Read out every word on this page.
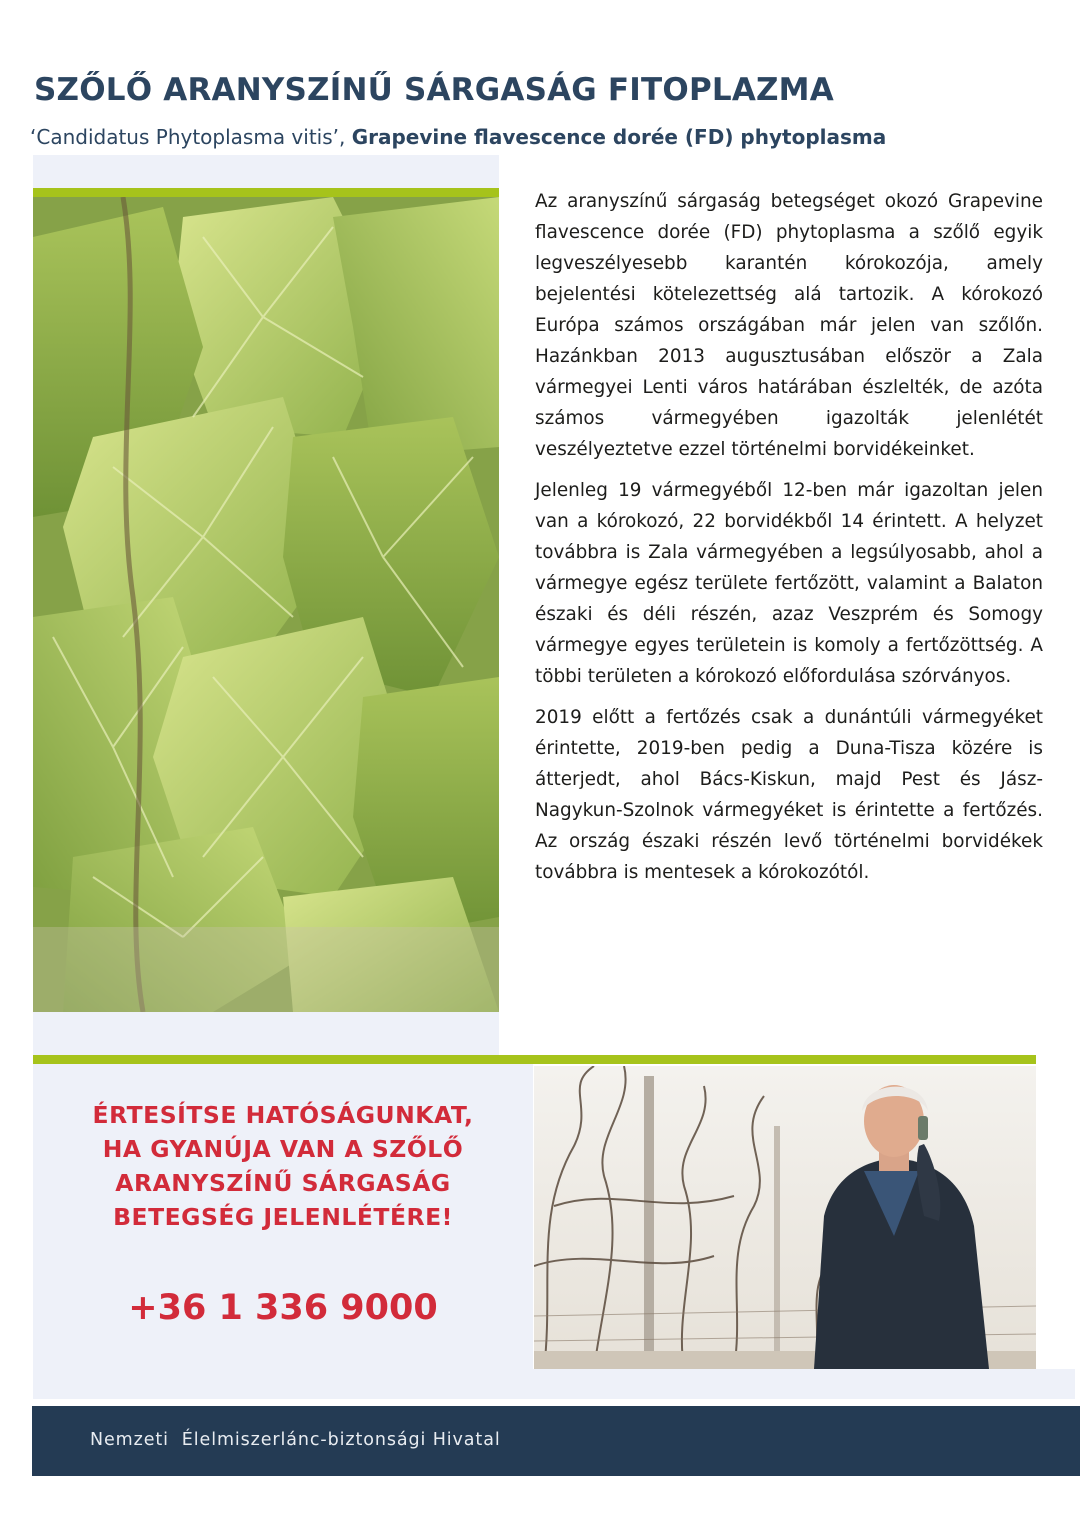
SZŐLŐ ARANYSZÍNŰ SÁRGASÁG FITOPLAZMA
‘Candidatus Phytoplasma vitis’, Grapevine flavescence dorée (FD) phytoplasma

Az aranyszínű sárgaság betegséget okozó Grapevine flavescence dorée (FD) phytoplasma a szőlő egyik legveszélyesebb karantén kórokozója, amely bejelentési kötelezettség alá tartozik. A kórokozó Európa számos országában már jelen van szőlőn. Hazánkban 2013 augusztusában először a Zala vármegyei Lenti város határában észlelték, de azóta számos vármegyében igazolták jelenlétét veszélyeztetve ezzel történelmi borvidékeinket.

Jelenleg 19 vármegyéből 12-ben már igazoltan jelen van a kórokozó, 22 borvidékből 14 érintett. A helyzet továbbra is Zala vármegyében a legsúlyosabb, ahol a vármegye egész területe fertőzött, valamint a Balaton északi és déli részén, azaz Veszprém és Somogy vármegye egyes területein is komoly a fertőzöttség. A többi területen a kórokozó előfordulása szórványos.

2019 előtt a fertőzés csak a dunántúli vármegyéket érintette, 2019-ben pedig a Duna-Tisza közére is átterjedt, ahol Bács-Kiskun, majd Pest és Jász-Nagykun-Szolnok vármegyéket is érintette a fertőzés. Az ország északi részén levő történelmi borvidékek továbbra is mentesek a kórokozótól.

ÉRTESÍTSE HATÓSÁGUNKAT,
HA GYANÚJA VAN A SZŐLŐ
ARANYSZÍNŰ SÁRGASÁG
BETEGSÉG JELENLÉTÉRE!
+36 1 336 9000
Nemzeti  Élelmiszerlánc-biztonsági Hivatal
